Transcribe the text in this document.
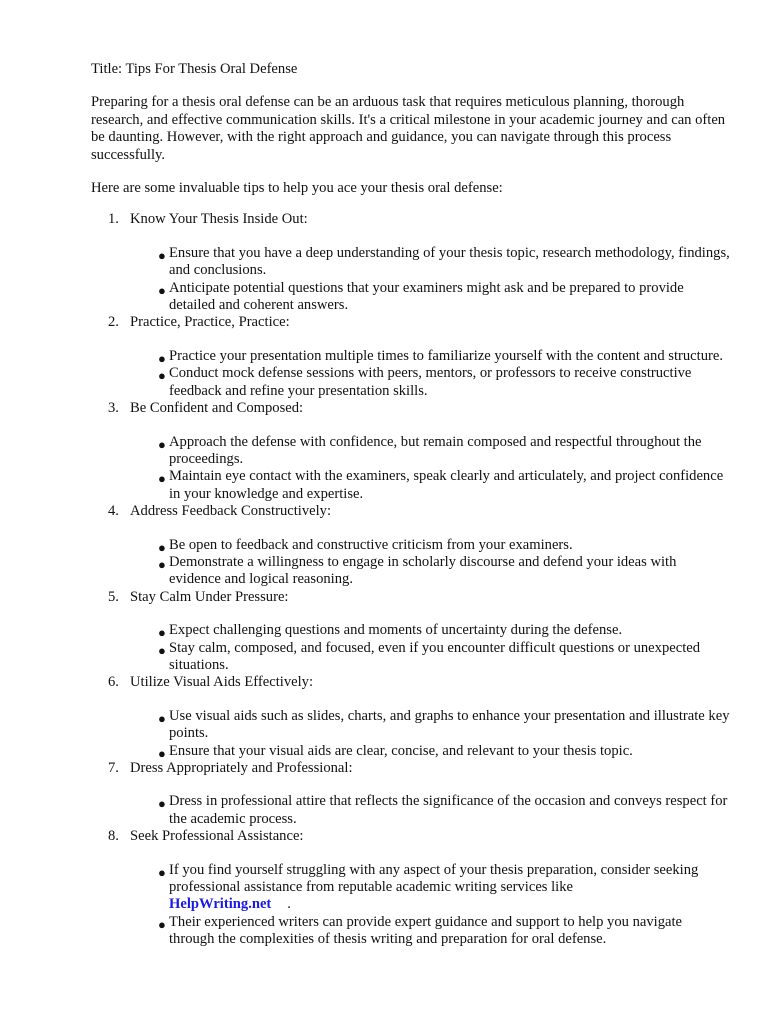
Title: Tips For Thesis Oral Defense

Preparing for a thesis oral defense can be an arduous task that requires meticulous planning, thorough research, and effective communication skills. It's a critical milestone in your academic journey and can often be daunting. However, with the right approach and guidance, you can navigate through this process successfully.

Here are some invaluable tips to help you ace your thesis oral defense:

1. Know Your Thesis Inside Out:
● Ensure that you have a deep understanding of your thesis topic, research methodology, findings, and conclusions.
● Anticipate potential questions that your examiners might ask and be prepared to provide detailed and coherent answers.
2. Practice, Practice, Practice:
● Practice your presentation multiple times to familiarize yourself with the content and structure.
● Conduct mock defense sessions with peers, mentors, or professors to receive constructive feedback and refine your presentation skills.
3. Be Confident and Composed:
● Approach the defense with confidence, but remain composed and respectful throughout the proceedings.
● Maintain eye contact with the examiners, speak clearly and articulately, and project confidence in your knowledge and expertise.
4. Address Feedback Constructively:
● Be open to feedback and constructive criticism from your examiners.
● Demonstrate a willingness to engage in scholarly discourse and defend your ideas with evidence and logical reasoning.
5. Stay Calm Under Pressure:
● Expect challenging questions and moments of uncertainty during the defense.
● Stay calm, composed, and focused, even if you encounter difficult questions or unexpected situations.
6. Utilize Visual Aids Effectively:
● Use visual aids such as slides, charts, and graphs to enhance your presentation and illustrate key points.
● Ensure that your visual aids are clear, concise, and relevant to your thesis topic.
7. Dress Appropriately and Professional:
● Dress in professional attire that reflects the significance of the occasion and conveys respect for the academic process.
8. Seek Professional Assistance:
● If you find yourself struggling with any aspect of your thesis preparation, consider seeking professional assistance from reputable academic writing services like
HelpWriting.net .
● Their experienced writers can provide expert guidance and support to help you navigate through the complexities of thesis writing and preparation for oral defense.
